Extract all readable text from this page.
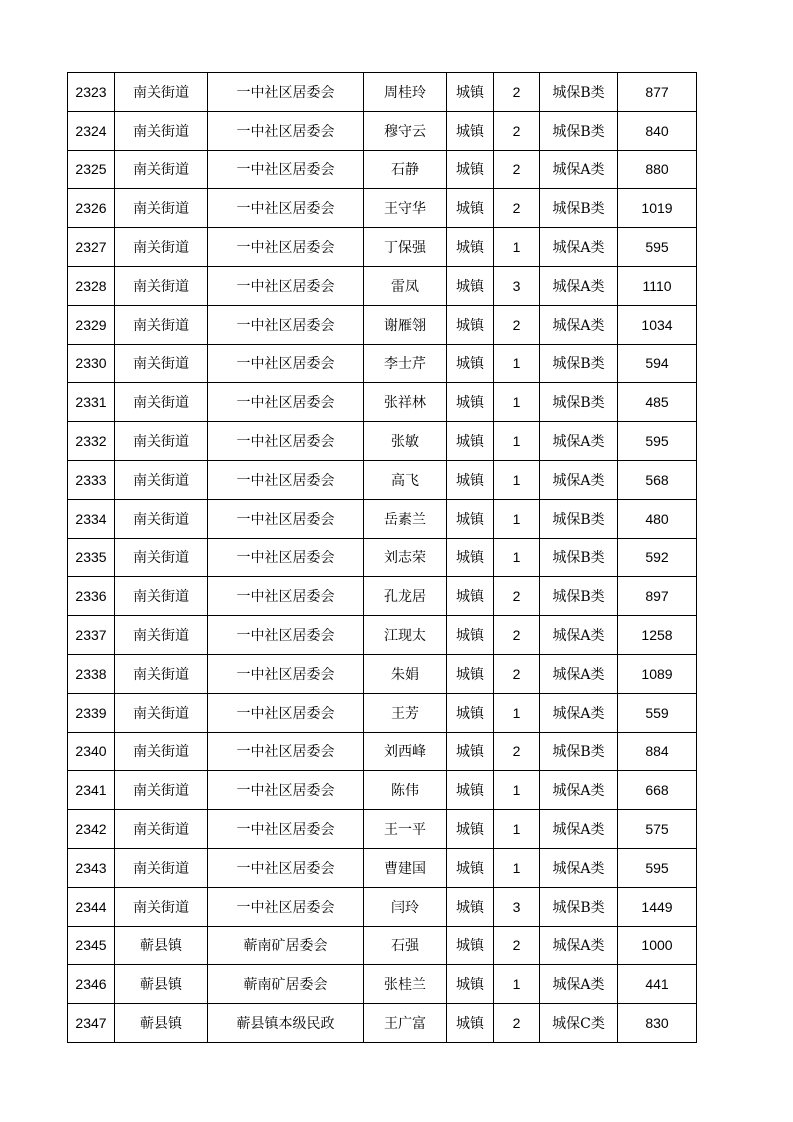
2323	南关街道	一中社区居委会	周桂玲	城镇	2	城保B类	877
2324	南关街道	一中社区居委会	穆守云	城镇	2	城保B类	840
2325	南关街道	一中社区居委会	石静	城镇	2	城保A类	880
2326	南关街道	一中社区居委会	王守华	城镇	2	城保B类	1019
2327	南关街道	一中社区居委会	丁保强	城镇	1	城保A类	595
2328	南关街道	一中社区居委会	雷凤	城镇	3	城保A类	1110
2329	南关街道	一中社区居委会	谢雁翎	城镇	2	城保A类	1034
2330	南关街道	一中社区居委会	李士芹	城镇	1	城保B类	594
2331	南关街道	一中社区居委会	张祥林	城镇	1	城保B类	485
2332	南关街道	一中社区居委会	张敏	城镇	1	城保A类	595
2333	南关街道	一中社区居委会	高飞	城镇	1	城保A类	568
2334	南关街道	一中社区居委会	岳素兰	城镇	1	城保B类	480
2335	南关街道	一中社区居委会	刘志荣	城镇	1	城保B类	592
2336	南关街道	一中社区居委会	孔龙居	城镇	2	城保B类	897
2337	南关街道	一中社区居委会	江现太	城镇	2	城保A类	1258
2338	南关街道	一中社区居委会	朱娟	城镇	2	城保A类	1089
2339	南关街道	一中社区居委会	王芳	城镇	1	城保A类	559
2340	南关街道	一中社区居委会	刘西峰	城镇	2	城保B类	884
2341	南关街道	一中社区居委会	陈伟	城镇	1	城保A类	668
2342	南关街道	一中社区居委会	王一平	城镇	1	城保A类	575
2343	南关街道	一中社区居委会	曹建国	城镇	1	城保A类	595
2344	南关街道	一中社区居委会	闫玲	城镇	3	城保B类	1449
2345	蕲县镇	蕲南矿居委会	石强	城镇	2	城保A类	1000
2346	蕲县镇	蕲南矿居委会	张桂兰	城镇	1	城保A类	441
2347	蕲县镇	蕲县镇本级民政	王广富	城镇	2	城保C类	830
